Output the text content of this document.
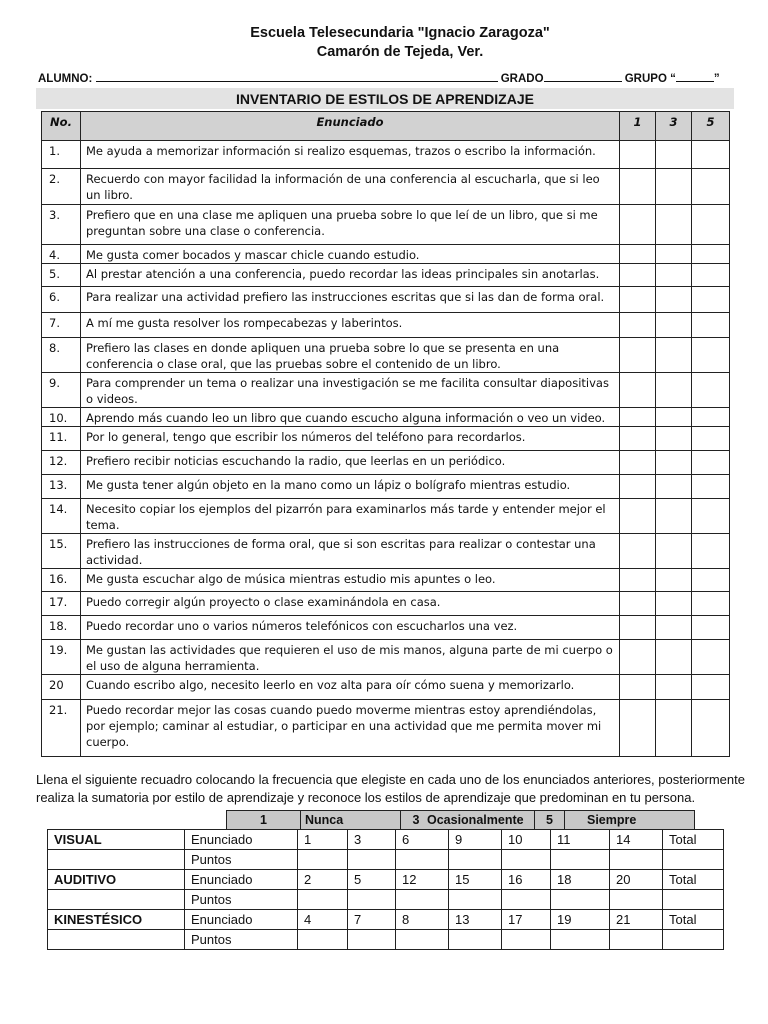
Escuela Telesecundaria "Ignacio Zaragoza"
Camarón de Tejeda, Ver.
ALUMNO:	GRADO	GRUPO “	”
INVENTARIO DE ESTILOS DE APRENDIZAJE
No.	Enunciado	1	3	5
1.	Me ayuda a memorizar información si realizo esquemas, trazos o escribo la información.			
2.	Recuerdo con mayor facilidad la información de una conferencia al escucharla, que si leo un libro.			
3.	Prefiero que en una clase me apliquen una prueba sobre lo que leí de un libro, que si me preguntan sobre una clase o conferencia.			
4.	Me gusta comer bocados y mascar chicle cuando estudio.			
5.	Al prestar atención a una conferencia, puedo recordar las ideas principales sin anotarlas.			
6.	Para realizar una actividad prefiero las instrucciones escritas que si las dan de forma oral.			
7.	A mí me gusta resolver los rompecabezas y laberintos.			
8.	Prefiero las clases en donde apliquen una prueba sobre lo que se presenta en una conferencia o clase oral, que las pruebas sobre el contenido de un libro.			
9.	Para comprender un tema o realizar una investigación se me facilita consultar diapositivas o videos.			
10.	Aprendo más cuando leo un libro que cuando escucho alguna información o veo un video.			
11.	Por lo general, tengo que escribir los números del teléfono para recordarlos.			
12.	Prefiero recibir noticias escuchando la radio, que leerlas en un periódico.			
13.	Me gusta tener algún objeto en la mano como un lápiz o bolígrafo mientras estudio.			
14.	Necesito copiar los ejemplos del pizarrón para examinarlos más tarde y entender mejor el tema.			
15.	Prefiero las instrucciones de forma oral, que si son escritas para realizar o contestar una actividad.			
16.	Me gusta escuchar algo de música mientras estudio mis apuntes o leo.			
17.	Puedo corregir algún proyecto o clase examinándola en casa.			
18.	Puedo recordar uno o varios números telefónicos con escucharlos una vez.			
19.	Me gustan las actividades que requieren el uso de mis manos, alguna parte de mi cuerpo o el uso de alguna herramienta.			
20	Cuando escribo algo, necesito leerlo en voz alta para oír cómo suena y memorizarlo.			
21.	Puedo recordar mejor las cosas cuando puedo moverme mientras estoy aprendiéndolas, por ejemplo; caminar al estudiar, o participar en una actividad que me permita mover mi cuerpo.			
Llena el siguiente recuadro colocando la frecuencia que elegiste en cada uno de los enunciados anteriores, posteriormente realiza la sumatoria por estilo de aprendizaje y reconoce los estilos de aprendizaje que predominan en tu persona.
1	Nunca	3 Ocasionalmente	5	Siempre
VISUAL	Enunciado	1	3	6	9	10	11	14	Total
	Puntos								
AUDITIVO	Enunciado	2	5	12	15	16	18	20	Total
	Puntos								
KINESTÉSICO	Enunciado	4	7	8	13	17	19	21	Total
	Puntos								
